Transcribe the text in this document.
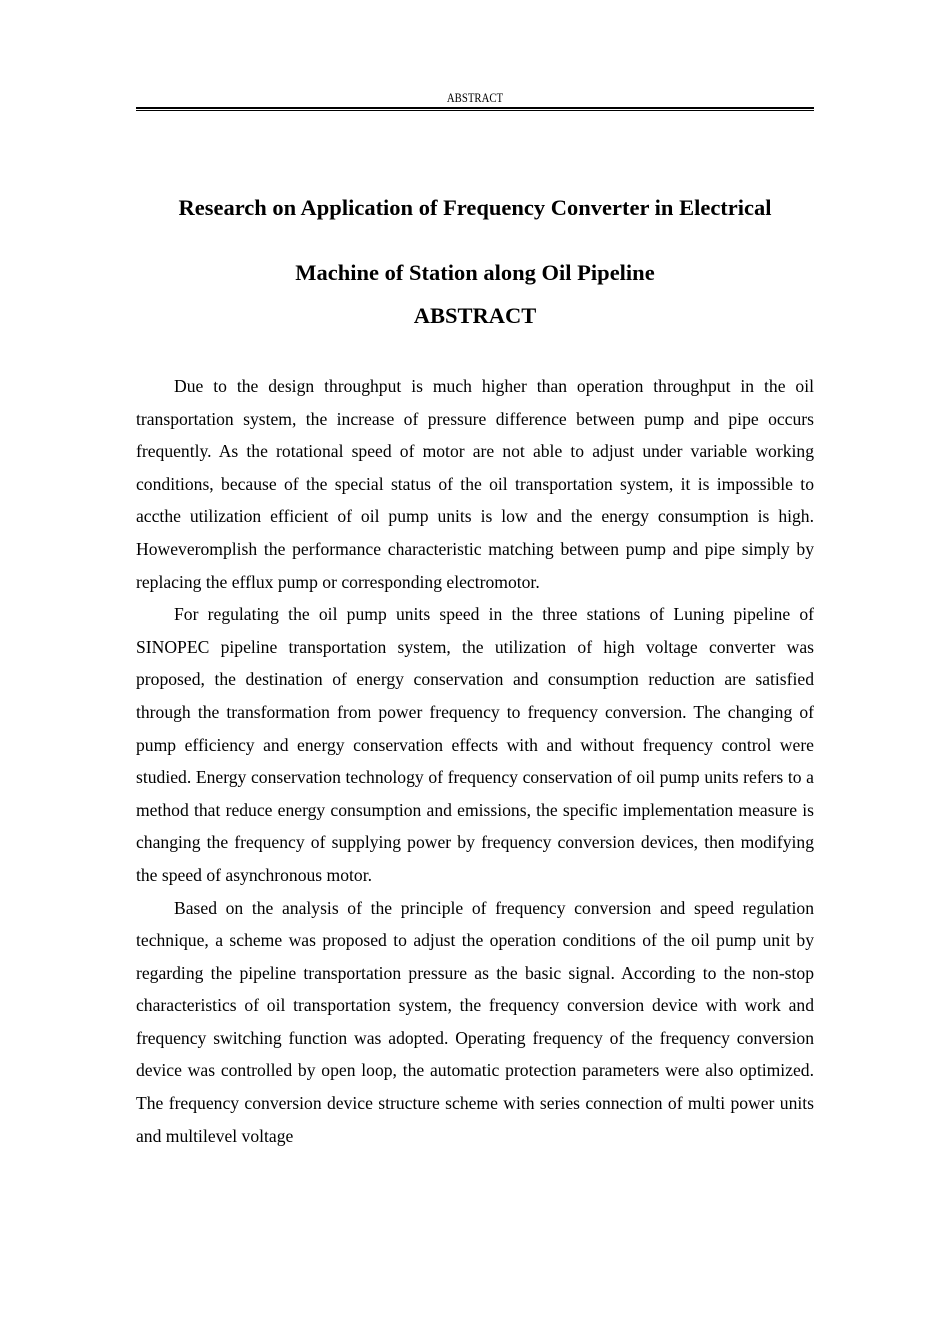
ABSTRACT
Research on Application of Frequency Converter in Electrical Machine of Station along Oil Pipeline
ABSTRACT

Due to the design throughput is much higher than operation throughput in the oil transportation system, the increase of pressure difference between pump and pipe occurs frequently. As the rotational speed of motor are not able to adjust under variable working conditions, because of the special status of the oil transportation system, it is impossible to accthe utilization efficient of oil pump units is low and the energy consumption is high. Howeveromplish the performance characteristic matching between pump and pipe simply by replacing the efflux pump or corresponding electromotor.

For regulating the oil pump units speed in the three stations of Luning pipeline of SINOPEC pipeline transportation system, the utilization of high voltage converter was proposed, the destination of energy conservation and consumption reduction are satisfied through the transformation from power frequency to frequency conversion. The changing of pump efficiency and energy conservation effects with and without frequency control were studied. Energy conservation technology of frequency conservation of oil pump units refers to a method that reduce energy consumption and emissions, the specific implementation measure is changing the frequency of supplying power by frequency conversion devices, then modifying the speed of asynchronous motor.

Based on the analysis of the principle of frequency conversion and speed regulation technique, a scheme was proposed to adjust the operation conditions of the oil pump unit by regarding the pipeline transportation pressure as the basic signal. According to the non-stop characteristics of oil transportation system, the frequency conversion device with work and frequency switching function was adopted. Operating frequency of the frequency conversion device was controlled by open loop, the automatic protection parameters were also optimized. The frequency conversion device structure scheme with series connection of multi power units and multilevel voltage
